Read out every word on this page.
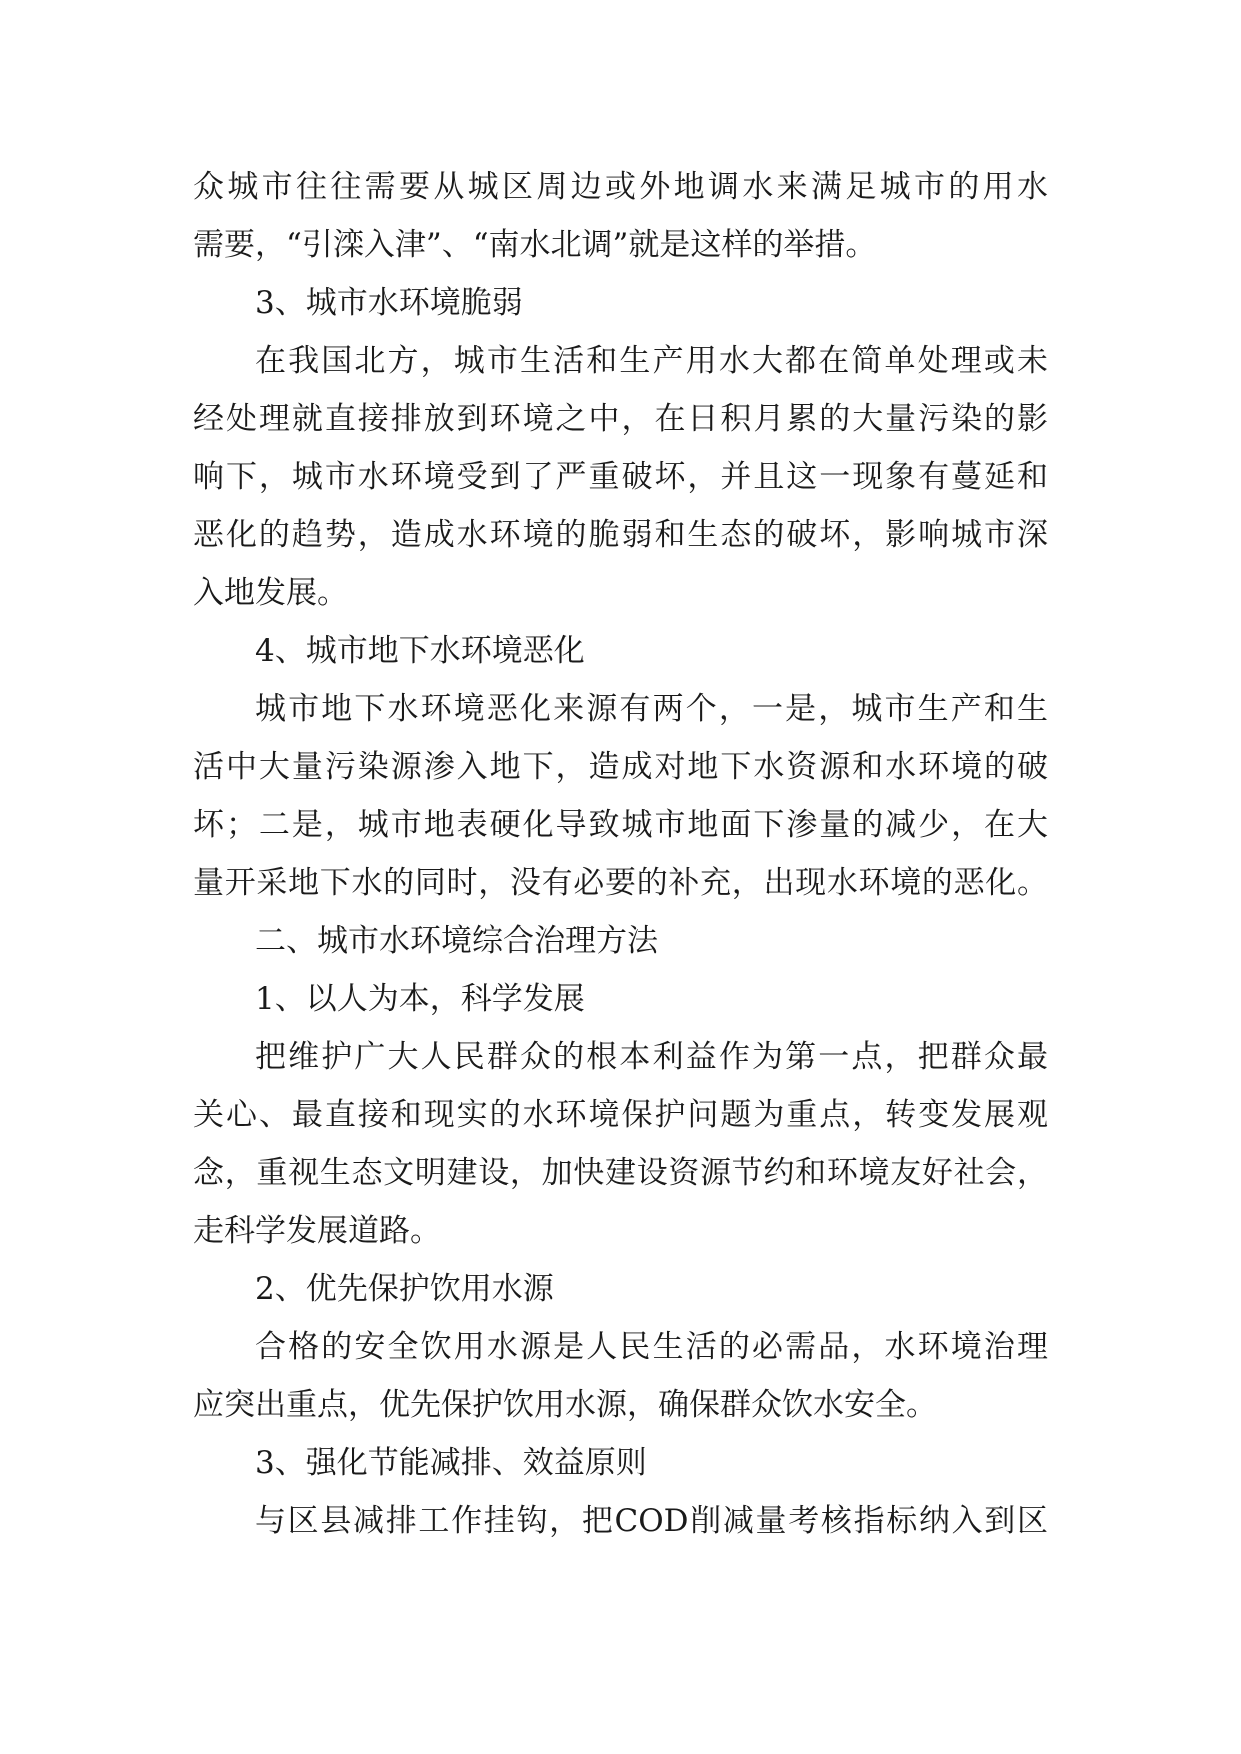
众城市往往需要从城区周边或外地调水来满足城市的用水
需要，“引滦入津”、“南水北调”就是这样的举措。
3、城市水环境脆弱
在我国北方，城市生活和生产用水大都在简单处理或未
经处理就直接排放到环境之中，在日积月累的大量污染的影
响下，城市水环境受到了严重破坏，并且这一现象有蔓延和
恶化的趋势，造成水环境的脆弱和生态的破坏，影响城市深
入地发展。
4、城市地下水环境恶化
城市地下水环境恶化来源有两个，一是，城市生产和生
活中大量污染源渗入地下，造成对地下水资源和水环境的破
坏；二是，城市地表硬化导致城市地面下渗量的减少，在大
量开采地下水的同时，没有必要的补充，出现水环境的恶化。
二、城市水环境综合治理方法
1、以人为本，科学发展
把维护广大人民群众的根本利益作为第一点，把群众最
关心、最直接和现实的水环境保护问题为重点，转变发展观
念，重视生态文明建设，加快建设资源节约和环境友好社会，
走科学发展道路。
2、优先保护饮用水源
合格的安全饮用水源是人民生活的必需品，水环境治理
应突出重点，优先保护饮用水源，确保群众饮水安全。
3、强化节能减排、效益原则
与区县减排工作挂钩，把COD削减量考核指标纳入到区
